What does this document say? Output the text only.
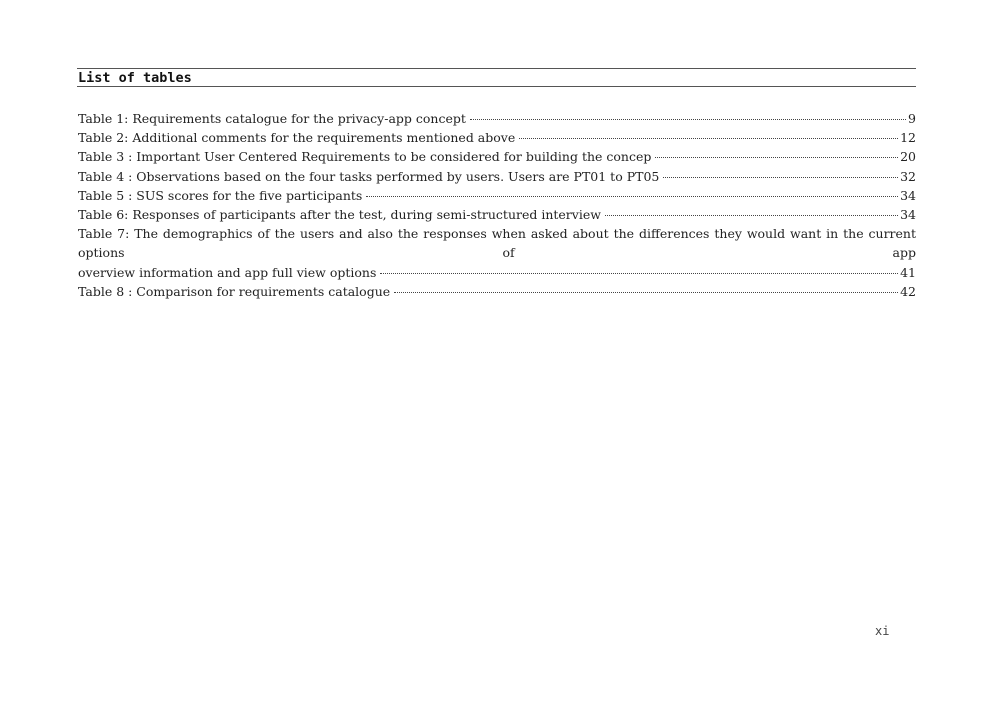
List of tables
Table 1: Requirements catalogue for the privacy-app concept	9
Table 2: Additional comments for the requirements mentioned above	12
Table 3 : Important User Centered Requirements to be considered for building the concep	20
Table 4 : Observations based on the four tasks performed by users. Users are PT01 to PT05	32
Table 5 : SUS scores for the five participants	34
Table 6: Responses of participants after the test, during semi-structured interview	34
Table 7: The demographics of the users and also the responses when asked about the differences they would want in the current options of app
overview information and app full view options	41
Table 8 : Comparison for requirements catalogue	42
xi
